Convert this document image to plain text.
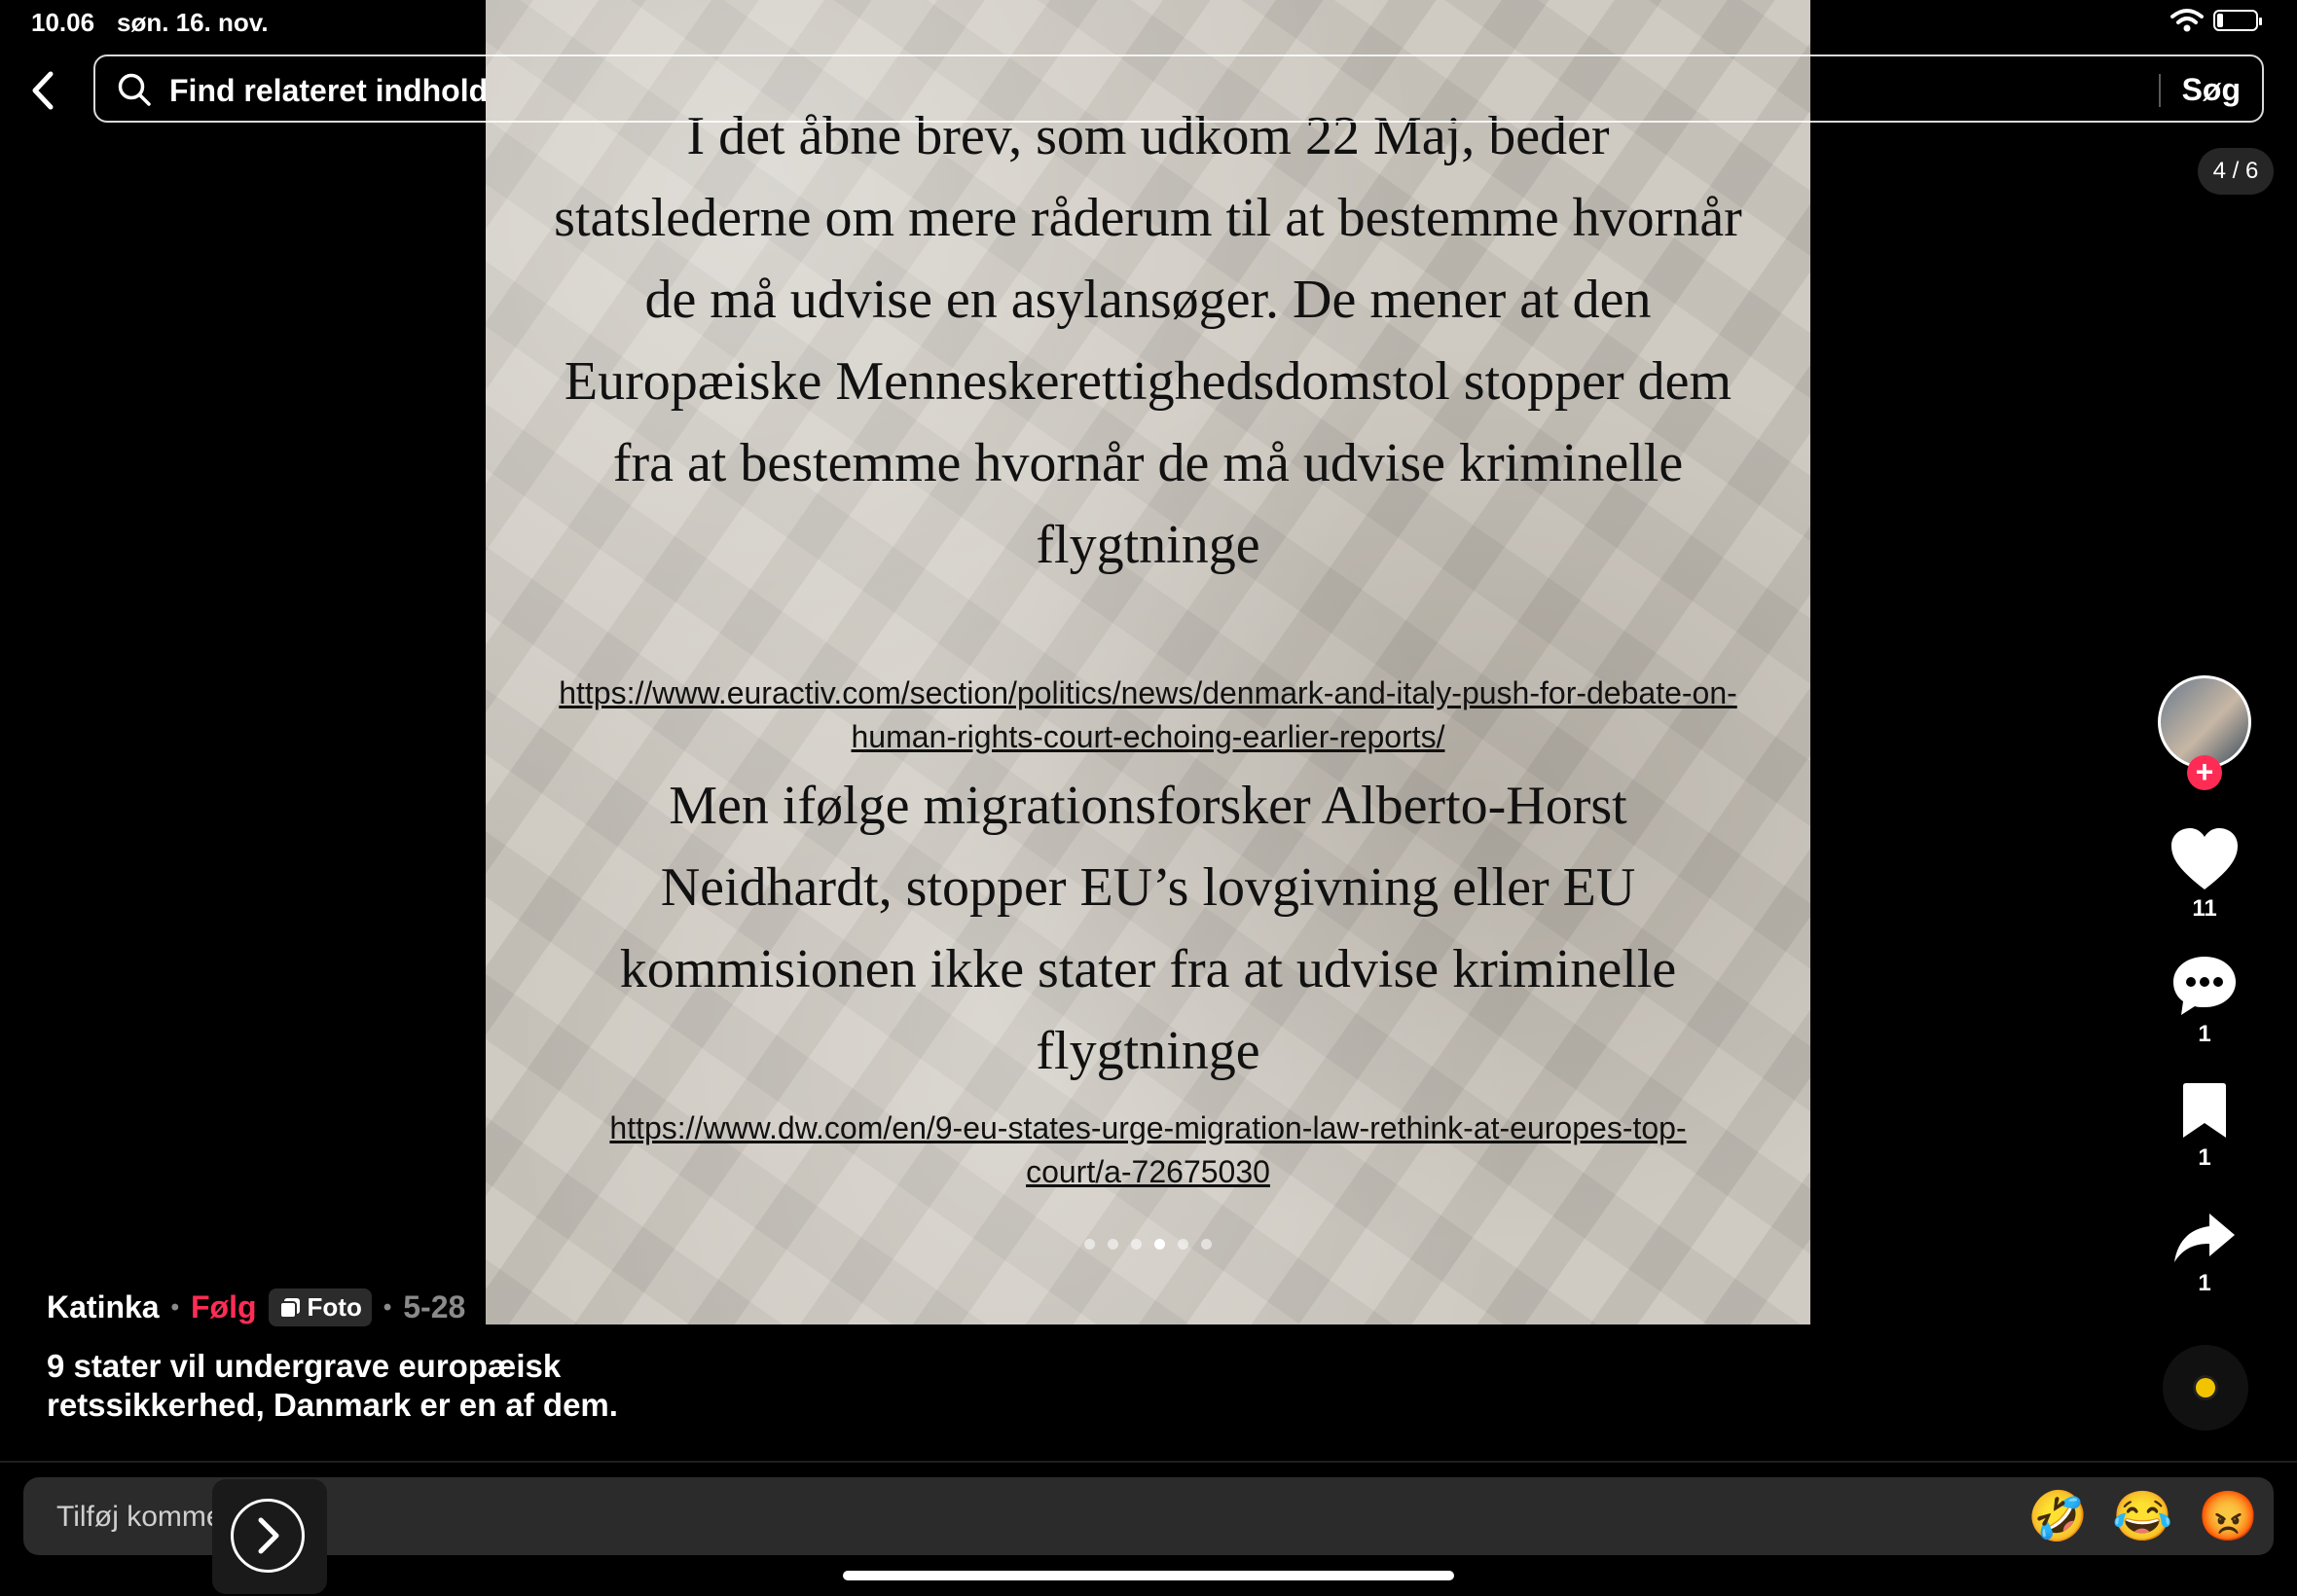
10.06 søn. 16. nov.
I det åbne brev, som udkom 22 Maj, beder statslederne om mere råderum til at bestemme hvornår de må udvise en asylansøger. De mener at den Europæiske Menneskerettighedsdomstol stopper dem fra at bestemme hvornår de må udvise kriminelle flygtninge
https://www.euractiv.com/section/politics/news/denmark-and-italy-push-for-debate-on-human-rights-court-echoing-earlier-reports/
Men ifølge migrationsforsker Alberto-Horst Neidhardt, stopper EU’s lovgivning eller EU kommisionen ikke stater fra at udvise kriminelle flygtninge
https://www.dw.com/en/9-eu-states-urge-migration-law-rethink-at-europes-top-court/a-72675030
Find relateret indhold
Søg
4 / 6
+
11
1
1
1
Katinka • Følg Foto • 5-28
9 stater vil undergrave europæisk retssikkerhed, Danmark er en af dem.
Tilføj kommentar...
🤣 😂 😡
